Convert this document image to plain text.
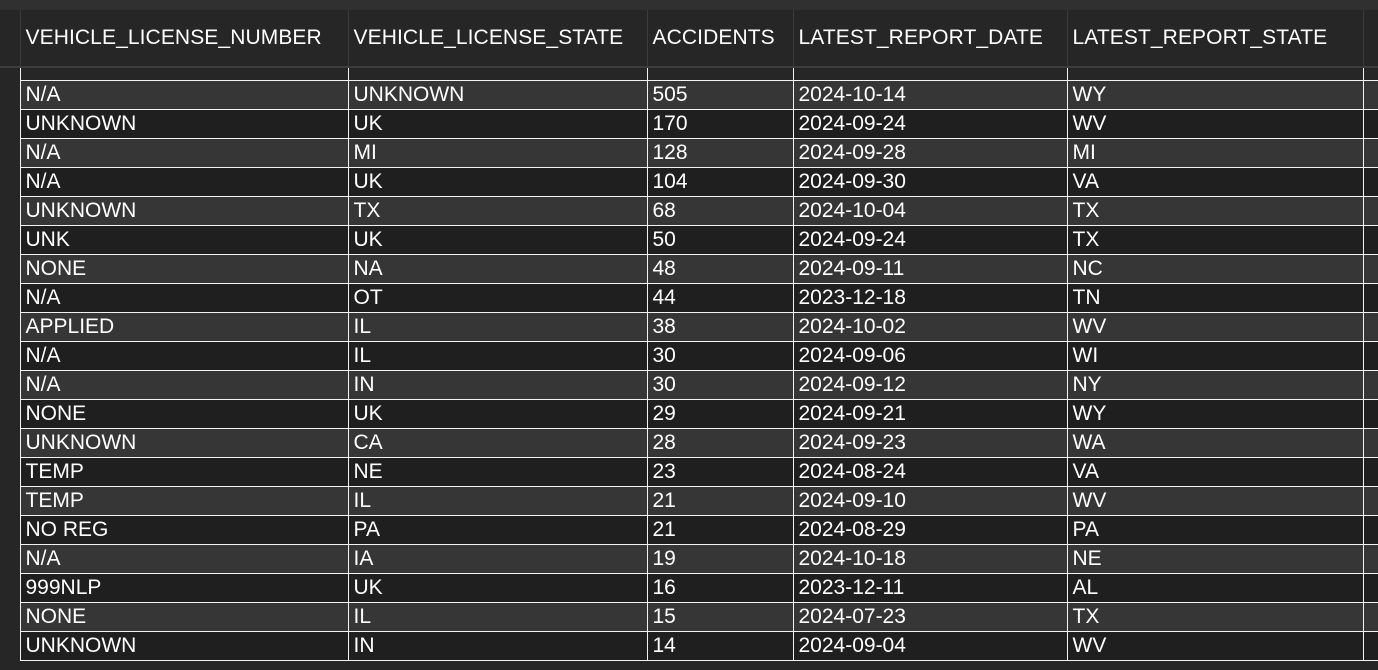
	VEHICLE_LICENSE_NUMBER	VEHICLE_LICENSE_STATE	ACCIDENTS	LATEST_REPORT_DATE	LATEST_REPORT_STATE	

	N/A	UNKNOWN	505	2024-10-14	WY	
	UNKNOWN	UK	170	2024-09-24	WV	
	N/A	MI	128	2024-09-28	MI	
	N/A	UK	104	2024-09-30	VA	
	UNKNOWN	TX	68	2024-10-04	TX	
	UNK	UK	50	2024-09-24	TX	
	NONE	NA	48	2024-09-11	NC	
	N/A	OT	44	2023-12-18	TN	
	APPLIED	IL	38	2024-10-02	WV	
	N/A	IL	30	2024-09-06	WI	
	N/A	IN	30	2024-09-12	NY	
	NONE	UK	29	2024-09-21	WY	
	UNKNOWN	CA	28	2024-09-23	WA	
	TEMP	NE	23	2024-08-24	VA	
	TEMP	IL	21	2024-09-10	WV	
	NO REG	PA	21	2024-08-29	PA	
	N/A	IA	19	2024-10-18	NE	
	999NLP	UK	16	2023-12-11	AL	
	NONE	IL	15	2024-07-23	TX	
	UNKNOWN	IN	14	2024-09-04	WV	
